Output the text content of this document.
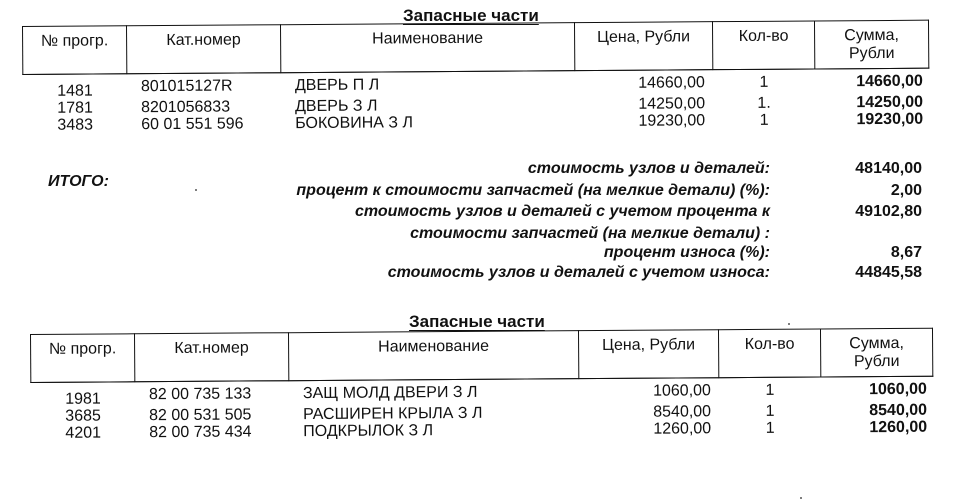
Запасные части
№ прогр.	Кат.номер	Наименование	Цена, Рубли	Кол-во	Сумма,
Рубли
1481	801015127R	ДВЕРЬ П Л	14660,00	1	14660,00
1781	8201056833	ДВЕРЬ З Л	14250,00	1.	14250,00
3483	60 01 551 596	БОКОВИНА З Л	19230,00	1	19230,00
ИТОГО:
стоимость узлов и деталей:	48140,00
процент к стоимости запчастей (на мелкие детали) (%):	2,00
стоимость узлов и деталей с учетом процента к	49102,80
стоимости запчастей (на мелкие детали) :
процент износа (%):	8,67
стоимость узлов и деталей с учетом износа:	44845,58
Запасные части
№ прогр.	Кат.номер	Наименование	Цена, Рубли	Кол-во	Сумма,
Рубли
1981	82 00 735 133	ЗАЩ МОЛД ДВЕРИ З Л	1060,00	1	1060,00
3685	82 00 531 505	РАСШИРЕН КРЫЛА З Л	8540,00	1	8540,00
4201	82 00 735 434	ПОДКРЫЛОК З Л	1260,00	1	1260,00
